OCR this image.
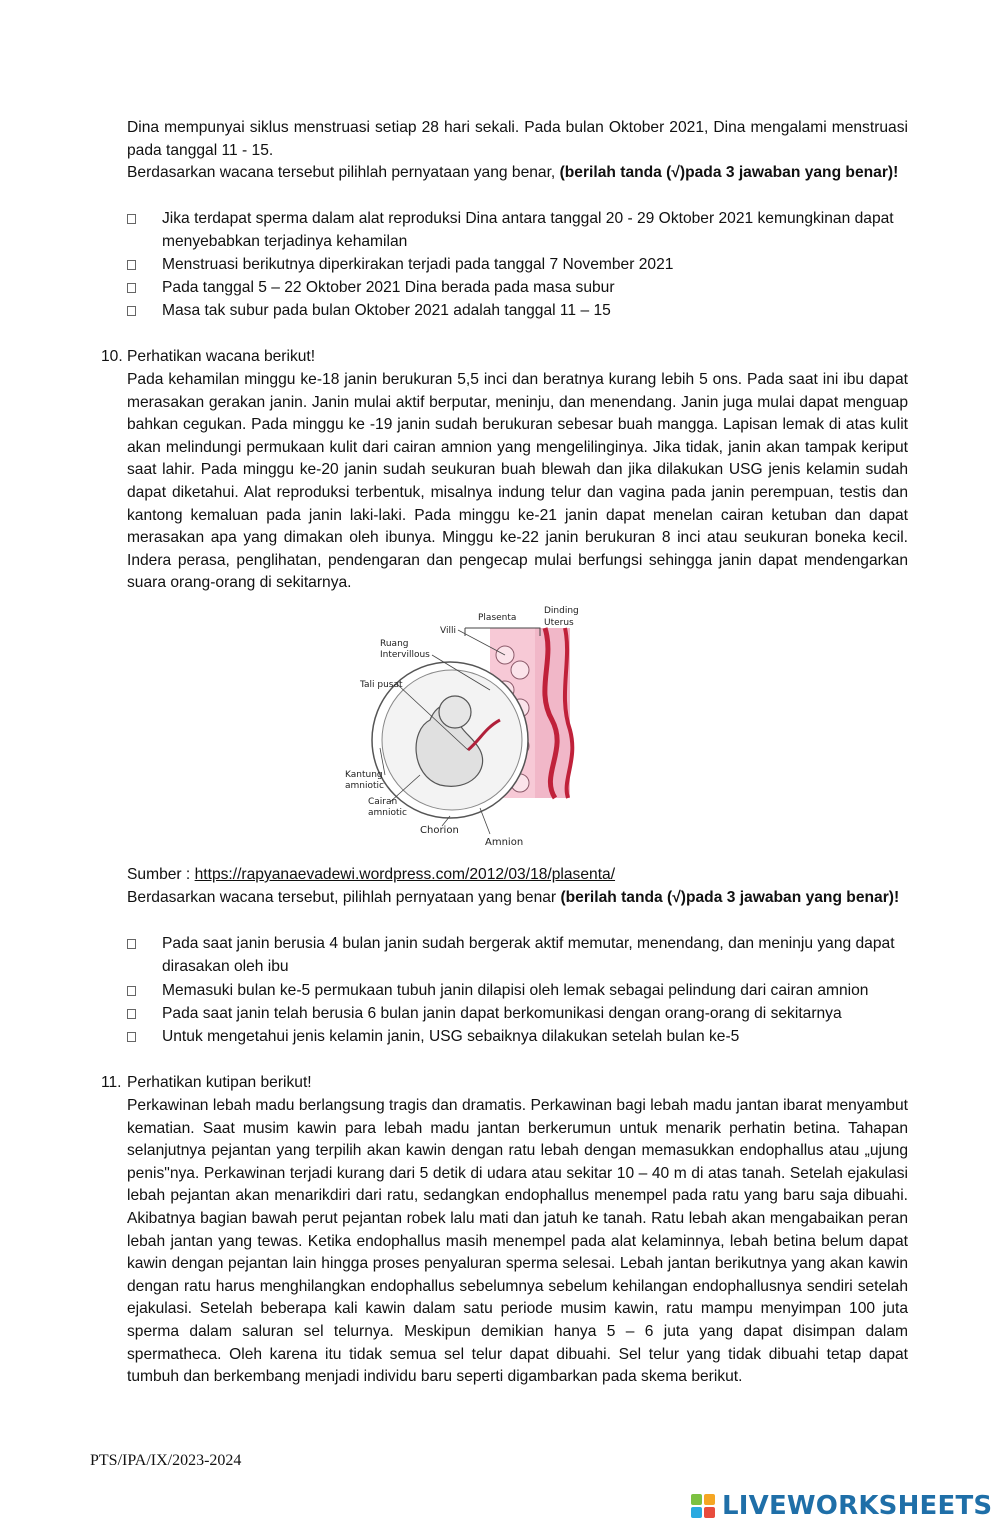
Dina mempunyai siklus menstruasi setiap 28 hari sekali. Pada bulan Oktober 2021, Dina mengalami menstruasi pada tanggal 11 - 15.
Berdasarkan wacana tersebut pilihlah pernyataan yang benar, (berilah tanda (√)pada 3 jawaban yang benar)!
Jika terdapat sperma dalam alat reproduksi Dina antara tanggal 20 - 29 Oktober 2021 kemungkinan dapat menyebabkan terjadinya kehamilan
Menstruasi berikutnya diperkirakan terjadi pada tanggal 7 November 2021
Pada tanggal 5 – 22 Oktober 2021 Dina berada pada masa subur
Masa tak subur pada bulan Oktober 2021 adalah tanggal 11 – 15
10. Perhatikan wacana berikut!
Pada kehamilan minggu ke-18 janin berukuran 5,5 inci dan beratnya kurang lebih 5 ons. Pada saat ini ibu dapat merasakan gerakan janin. Janin mulai aktif berputar, meninju, dan menendang. Janin juga mulai dapat menguap bahkan cegukan. Pada minggu ke -19 janin sudah berukuran sebesar buah mangga. Lapisan lemak di atas kulit akan melindungi permukaan kulit dari cairan amnion yang mengelilinginya. Jika tidak, janin akan tampak keriput saat lahir. Pada minggu ke-20 janin sudah seukuran buah blewah dan jika dilakukan USG jenis kelamin sudah dapat diketahui. Alat reproduksi terbentuk, misalnya indung telur dan vagina pada janin perempuan, testis dan kantong kemaluan pada janin laki-laki. Pada minggu ke-21 janin dapat menelan cairan ketuban dan dapat merasakan apa yang dimakan oleh ibunya. Minggu ke-22 janin berukuran 8 inci atau seukuran boneka kecil. Indera perasa, penglihatan, pendengaran dan pengecap mulai berfungsi sehingga janin dapat mendengarkan suara orang-orang di sekitarnya.
Plasenta
Dinding
Uterus
Villi
Ruang
Intervillous
Tali pusat
Kantung
amniotic
Cairan
amniotic
Chorion
Amnion
Sumber : https://rapyanaevadewi.wordpress.com/2012/03/18/plasenta/
Berdasarkan wacana tersebut, pilihlah pernyataan yang benar (berilah tanda (√)pada 3 jawaban yang benar)!
Pada saat janin berusia 4 bulan janin sudah bergerak aktif memutar, menendang, dan meninju yang dapat dirasakan oleh ibu
Memasuki bulan ke-5 permukaan tubuh janin dilapisi oleh lemak sebagai pelindung dari cairan amnion
Pada saat janin telah berusia 6 bulan janin dapat berkomunikasi dengan orang-orang di sekitarnya
Untuk mengetahui jenis kelamin janin, USG sebaiknya dilakukan setelah bulan ke-5
11. Perhatikan kutipan berikut!
Perkawinan lebah madu berlangsung tragis dan dramatis. Perkawinan bagi lebah madu jantan ibarat menyambut kematian. Saat musim kawin para lebah madu jantan berkerumun untuk menarik perhatin betina. Tahapan selanjutnya pejantan yang terpilih akan kawin dengan ratu lebah dengan memasukkan endophallus atau „ujung penis"nya. Perkawinan terjadi kurang dari 5 detik di udara atau sekitar 10 – 40 m di atas tanah. Setelah ejakulasi lebah pejantan akan menarikdiri dari ratu, sedangkan endophallus menempel pada ratu yang baru saja dibuahi. Akibatnya bagian bawah perut pejantan robek lalu mati dan jatuh ke tanah. Ratu lebah akan mengabaikan peran lebah jantan yang tewas. Ketika endophallus masih menempel pada alat kelaminnya, lebah betina belum dapat kawin dengan pejantan lain hingga proses penyaluran sperma selesai. Lebah jantan berikutnya yang akan kawin dengan ratu harus menghilangkan endophallus sebelumnya sebelum kehilangan endophallusnya sendiri setelah ejakulasi. Setelah beberapa kali kawin dalam satu periode musim kawin, ratu mampu menyimpan 100 juta sperma dalam saluran sel telurnya. Meskipun demikian hanya 5 – 6 juta yang dapat disimpan dalam spermatheca. Oleh karena itu tidak semua sel telur dapat dibuahi. Sel telur yang tidak dibuahi tetap dapat tumbuh dan berkembang menjadi individu baru seperti digambarkan pada skema berikut.
PTS/IPA/IX/2023-2024
LIVEWORKSHEETS
